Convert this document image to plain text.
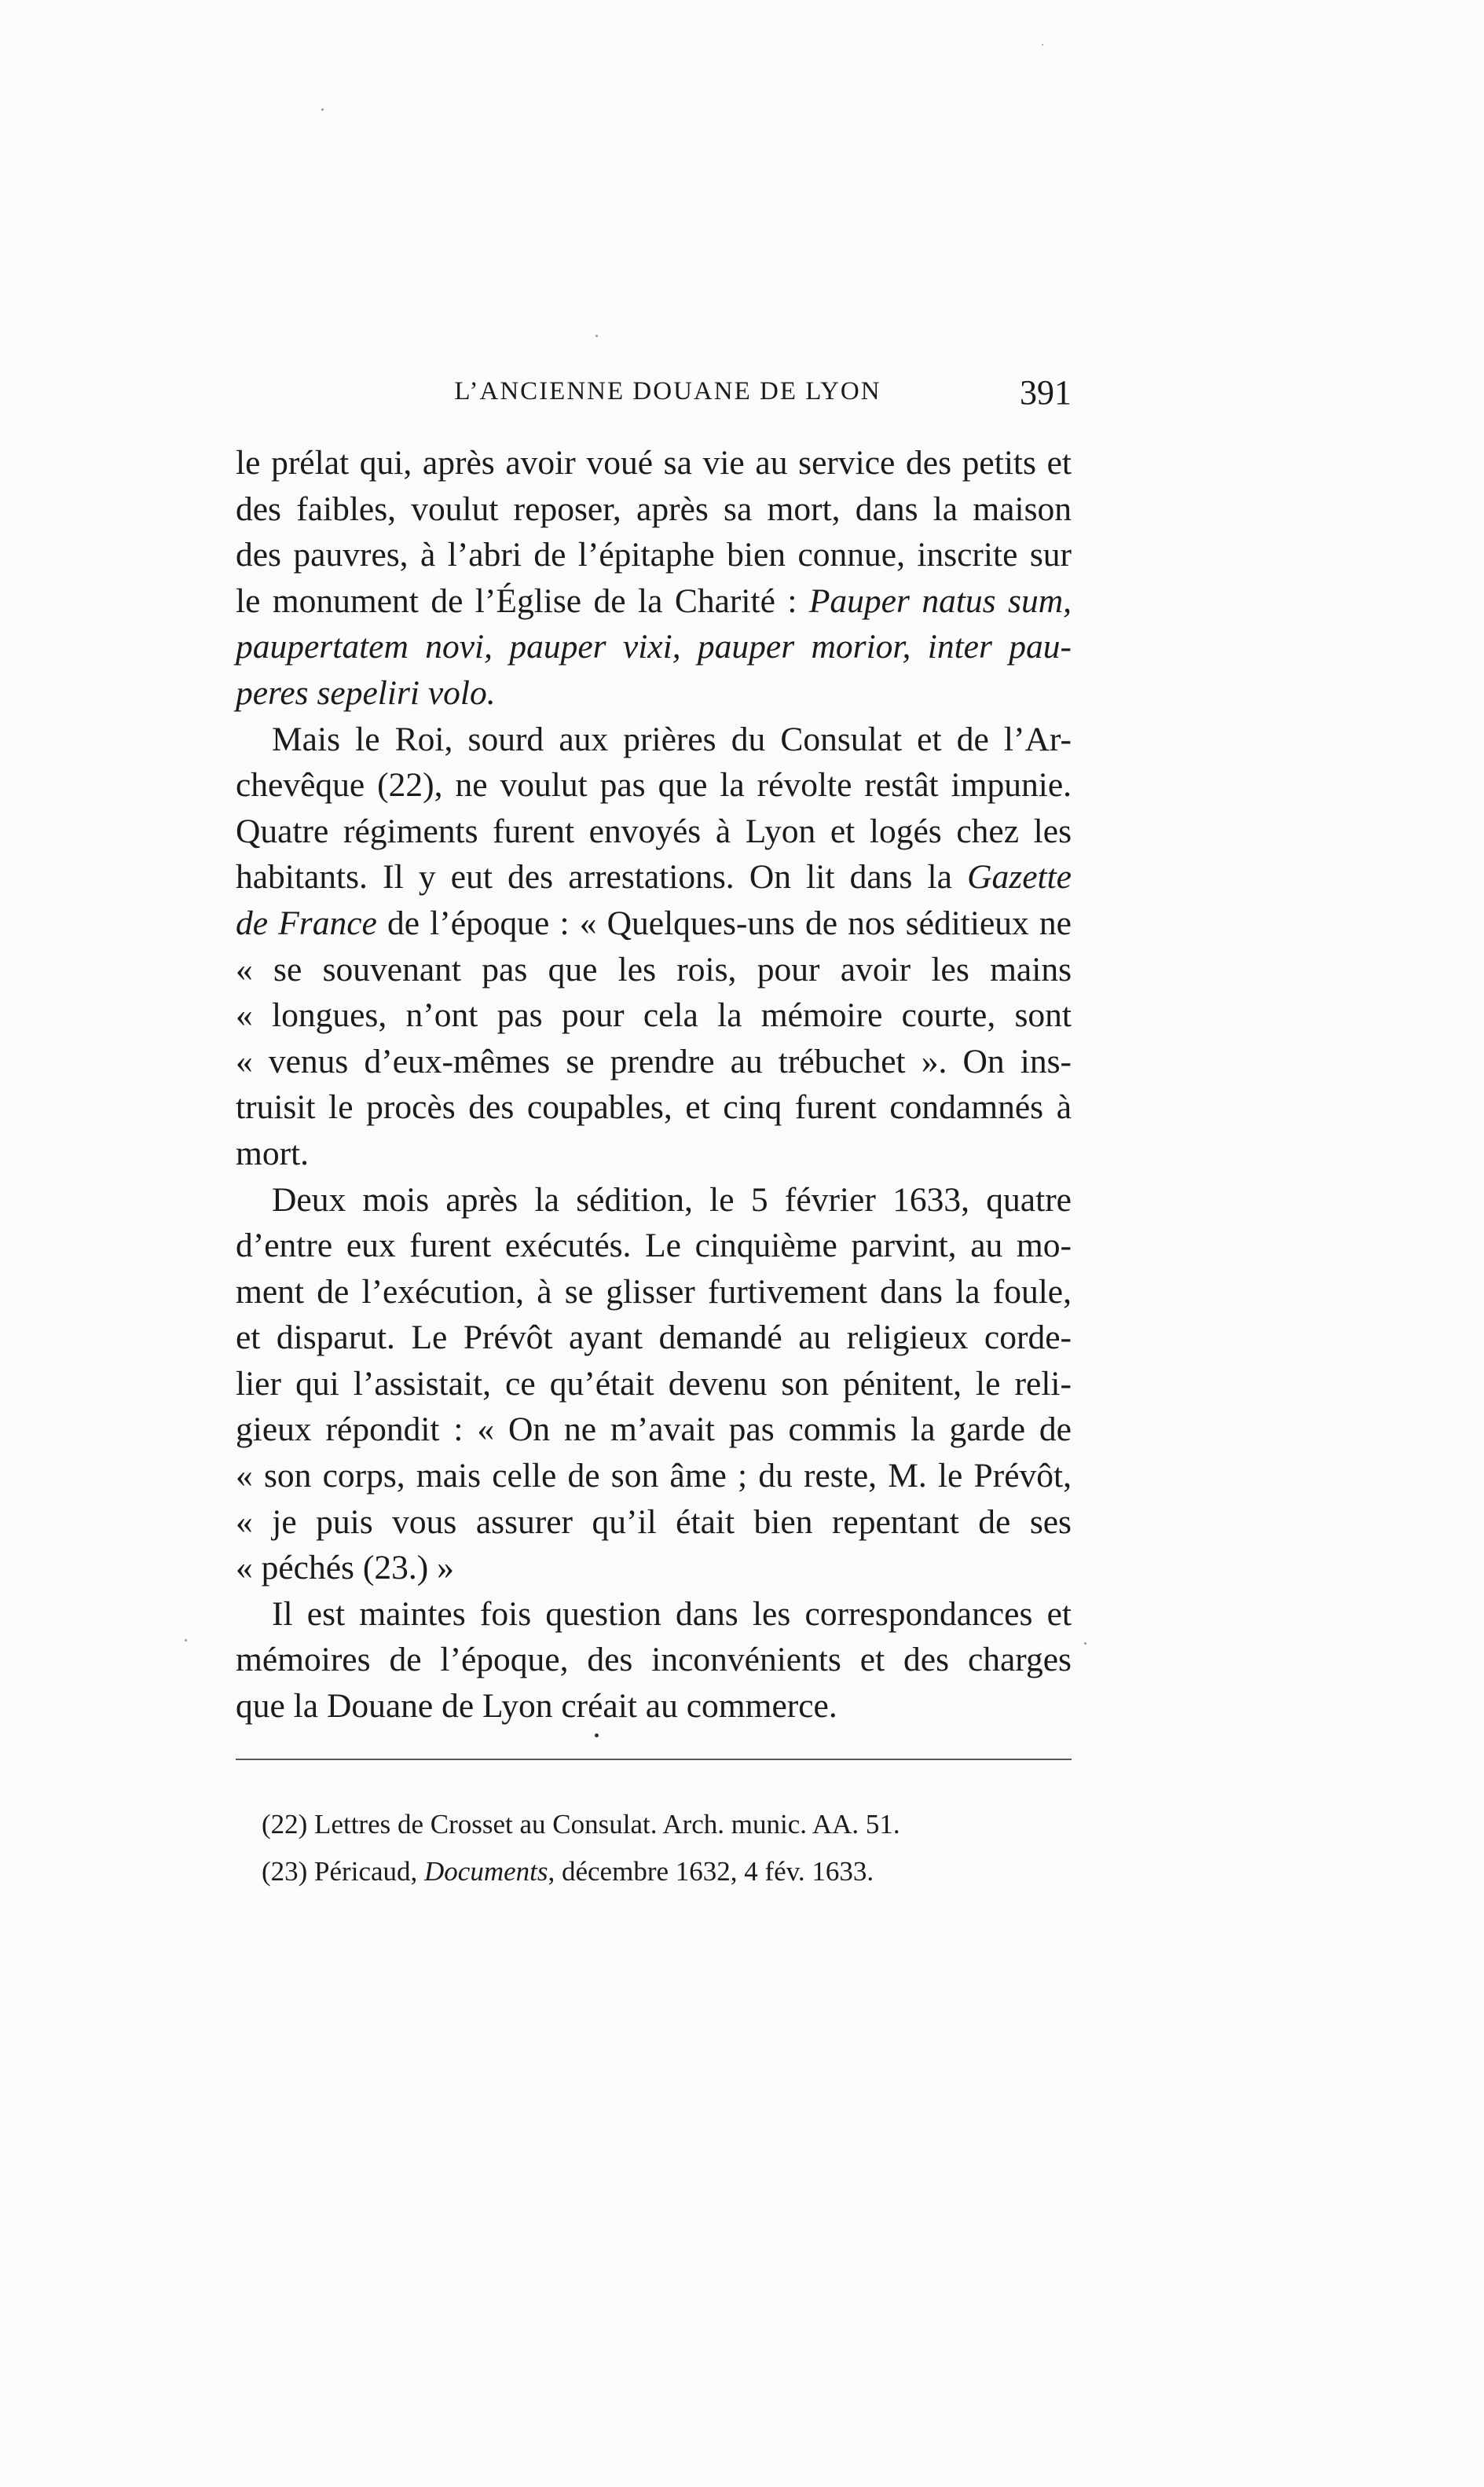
L’ANCIENNE DOUANE DE LYON	391
le prélat qui, après avoir voué sa vie au service des petits et
des faibles, voulut reposer, après sa mort, dans la maison
des pauvres, à l’abri de l’épitaphe bien connue, inscrite sur
le monument de l’Église de la Charité : Pauper natus sum,
paupertatem novi, pauper vixi, pauper morior, inter pau-
peres sepeliri volo.
Mais le Roi, sourd aux prières du Consulat et de l’Ar-
chevêque (22), ne voulut pas que la révolte restât impunie.
Quatre régiments furent envoyés à Lyon et logés chez les
habitants. Il y eut des arrestations. On lit dans la Gazette
de France de l’époque : « Quelques-uns de nos séditieux ne
« se souvenant pas que les rois, pour avoir les mains
« longues, n’ont pas pour cela la mémoire courte, sont
« venus d’eux-mêmes se prendre au trébuchet ». On ins-
truisit le procès des coupables, et cinq furent condamnés à
mort.
Deux mois après la sédition, le 5 février 1633, quatre
d’entre eux furent exécutés. Le cinquième parvint, au mo-
ment de l’exécution, à se glisser furtivement dans la foule,
et disparut. Le Prévôt ayant demandé au religieux corde-
lier qui l’assistait, ce qu’était devenu son pénitent, le reli-
gieux répondit : « On ne m’avait pas commis la garde de
« son corps, mais celle de son âme ; du reste, M. le Prévôt,
« je puis vous assurer qu’il était bien repentant de ses
« péchés (23.) »
Il est maintes fois question dans les correspondances et
mémoires de l’époque, des inconvénients et des charges
que la Douane de Lyon créait au commerce.
(22) Lettres de Crosset au Consulat. Arch. munic. AA. 51.
(23) Péricaud, Documents, décembre 1632, 4 fév. 1633.
